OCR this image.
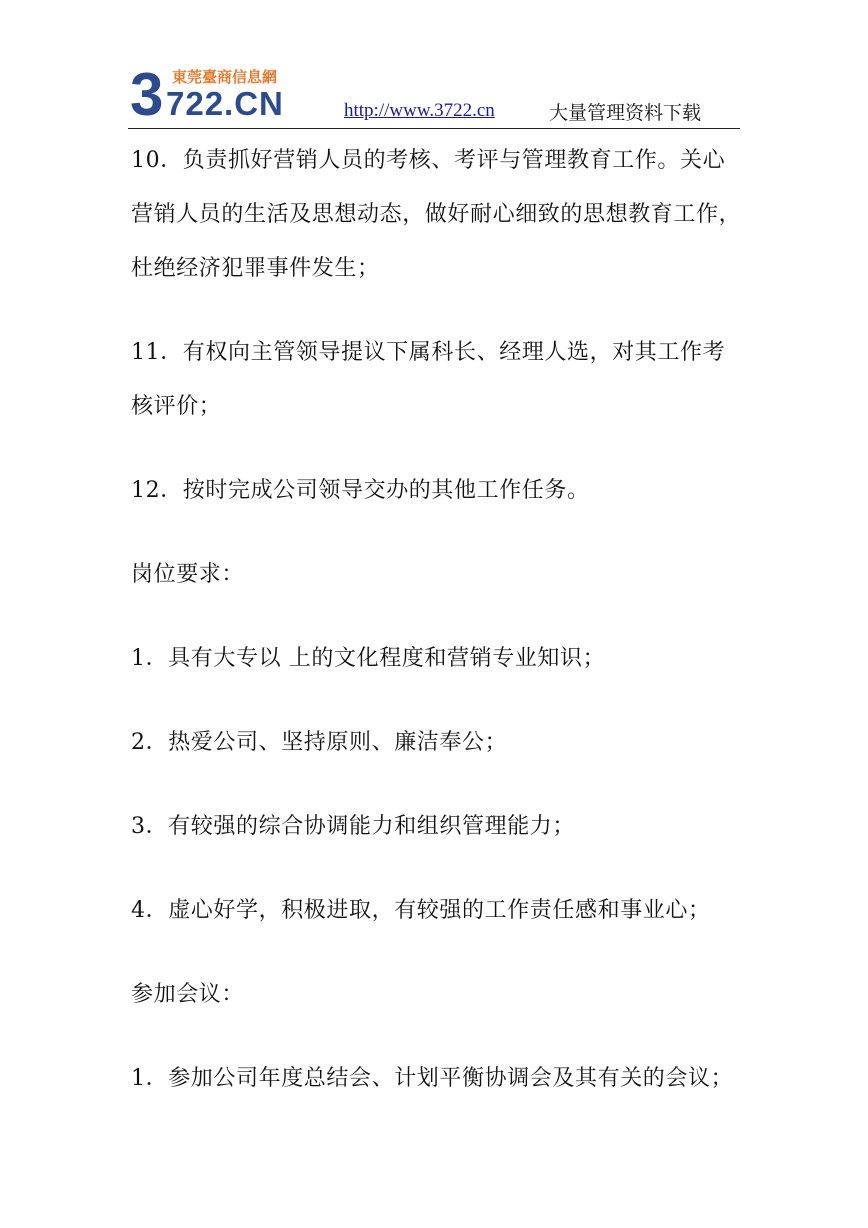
3 722.CN
東莞臺商信息網
http://www.3722.cn	大量管理资料下载

10．负责抓好营销人员的考核、考评与管理教育工作。关心
营销人员的生活及思想动态，做好耐心细致的思想教育工作，
杜绝经济犯罪事件发生；

11．有权向主管领导提议下属科长、经理人选，对其工作考
核评价；

12．按时完成公司领导交办的其他工作任务。

岗位要求：

1．具有大专以 上的文化程度和营销专业知识；

2．热爱公司、坚持原则、廉洁奉公；

3．有较强的综合协调能力和组织管理能力；

4．虚心好学，积极进取，有较强的工作责任感和事业心；

参加会议：

1．参加公司年度总结会、计划平衡协调会及其有关的会议；
